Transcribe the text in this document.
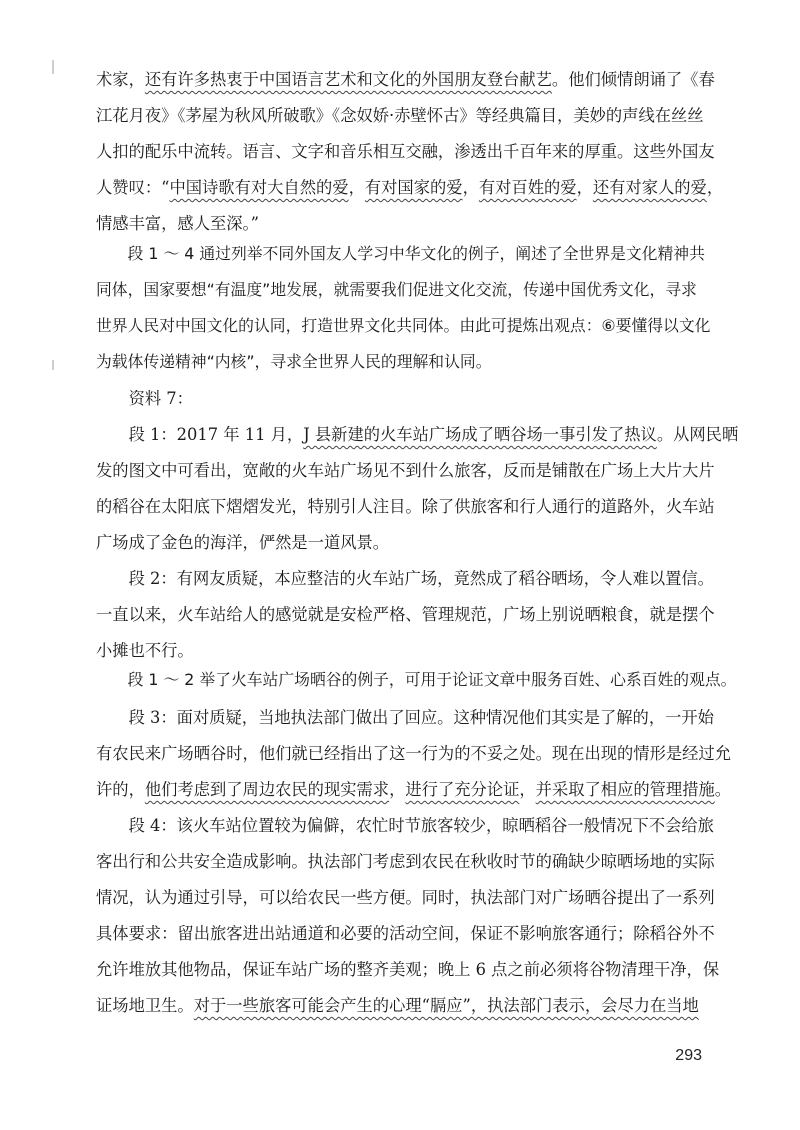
术家，还有许多热衷于中国语言艺术和文化的外国朋友登台献艺。他们倾情朗诵了《春
江花月夜》《茅屋为秋风所破歌》《念奴娇·赤壁怀古》等经典篇目，美妙的声线在丝丝
人扣的配乐中流转。语言、文字和音乐相互交融，渗透出千百年来的厚重。这些外国友
人赞叹：“中国诗歌有对大自然的爱，有对国家的爱，有对百姓的爱，还有对家人的爱，
情感丰富，感人至深。”
　　段 1 ～ 4 通过列举不同外国友人学习中华文化的例子，阐述了全世界是文化精神共
同体，国家要想“有温度”地发展，就需要我们促进文化交流，传递中国优秀文化，寻求
世界人民对中国文化的认同，打造世界文化共同体。由此可提炼出观点：⑥要懂得以文化
为载体传递精神“内核”，寻求全世界人民的理解和认同。
　　资料 7：
　　段 1：2017 年 11 月，J 县新建的火车站广场成了晒谷场一事引发了热议。从网民晒
发的图文中可看出，宽敞的火车站广场见不到什么旅客，反而是铺散在广场上大片大片
的稻谷在太阳底下熠熠发光，特别引人注目。除了供旅客和行人通行的道路外，火车站
广场成了金色的海洋，俨然是一道风景。
　　段 2：有网友质疑，本应整洁的火车站广场，竟然成了稻谷晒场，令人难以置信。
一直以来，火车站给人的感觉就是安检严格、管理规范，广场上别说晒粮食，就是摆个
小摊也不行。
　　段 1 ～ 2 举了火车站广场晒谷的例子，可用于论证文章中服务百姓、心系百姓的观点。
　　段 3：面对质疑，当地执法部门做出了回应。这种情况他们其实是了解的，一开始
有农民来广场晒谷时，他们就已经指出了这一行为的不妥之处。现在出现的情形是经过允
许的，他们考虑到了周边农民的现实需求，进行了充分论证，并采取了相应的管理措施。
　　段 4：该火车站位置较为偏僻，农忙时节旅客较少，晾晒稻谷一般情况下不会给旅
客出行和公共安全造成影响。执法部门考虑到农民在秋收时节的确缺少晾晒场地的实际
情况，认为通过引导，可以给农民一些方便。同时，执法部门对广场晒谷提出了一系列
具体要求：留出旅客进出站通道和必要的活动空间，保证不影响旅客通行；除稻谷外不
允许堆放其他物品，保证车站广场的整齐美观；晚上 6 点之前必须将谷物清理干净，保
证场地卫生。对于一些旅客可能会产生的心理“膈应”，执法部门表示，会尽力在当地
293
